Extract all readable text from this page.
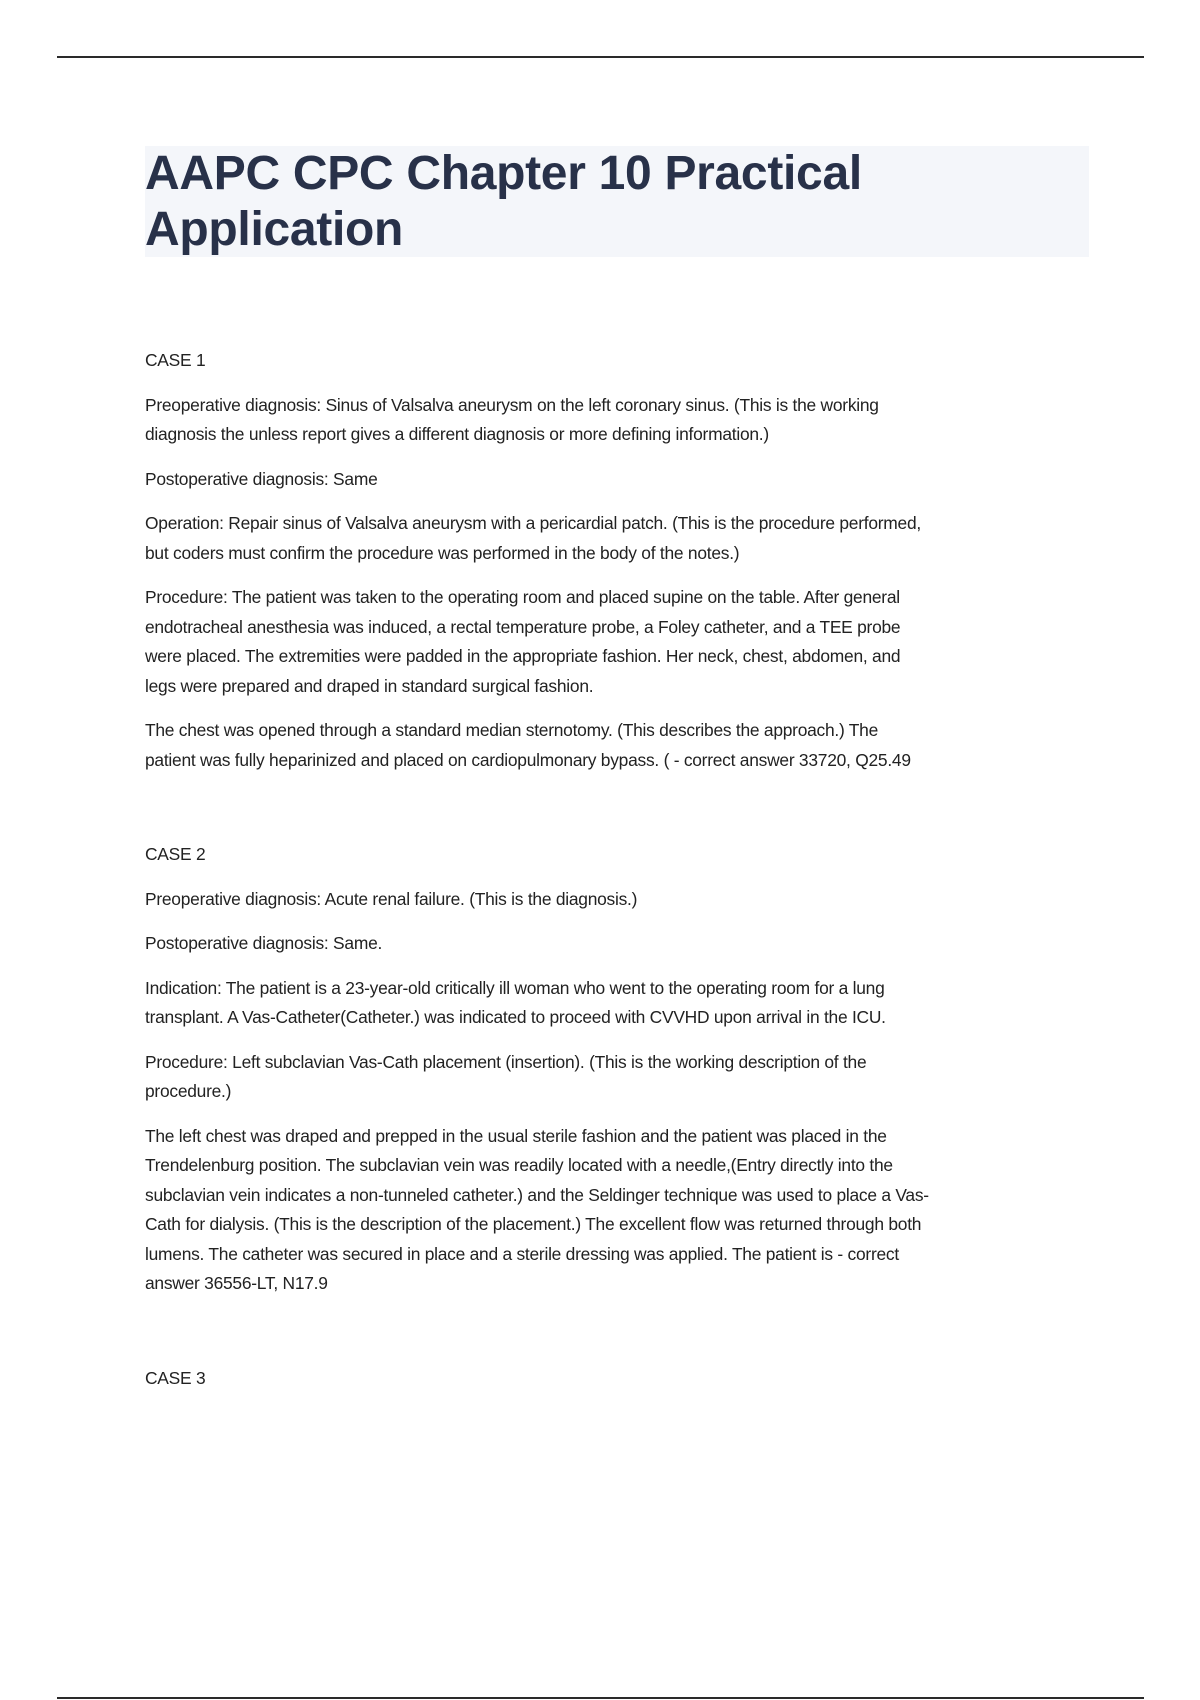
AAPC CPC Chapter 10 Practical
Application
CASE 1
Preoperative diagnosis: Sinus of Valsalva aneurysm on the left coronary sinus. (This is the working
diagnosis the unless report gives a different diagnosis or more defining information.)
Postoperative diagnosis: Same
Operation: Repair sinus of Valsalva aneurysm with a pericardial patch. (This is the procedure performed,
but coders must confirm the procedure was performed in the body of the notes.)
Procedure: The patient was taken to the operating room and placed supine on the table. After general
endotracheal anesthesia was induced, a rectal temperature probe, a Foley catheter, and a TEE probe
were placed. The extremities were padded in the appropriate fashion. Her neck, chest, abdomen, and
legs were prepared and draped in standard surgical fashion.
The chest was opened through a standard median sternotomy. (This describes the approach.) The
patient was fully heparinized and placed on cardiopulmonary bypass. ( - correct answer 33720, Q25.49
CASE 2
Preoperative diagnosis: Acute renal failure. (This is the diagnosis.)
Postoperative diagnosis: Same.
Indication: The patient is a 23-year-old critically ill woman who went to the operating room for a lung
transplant. A Vas-Catheter(Catheter.) was indicated to proceed with CVVHD upon arrival in the ICU.
Procedure: Left subclavian Vas-Cath placement (insertion). (This is the working description of the
procedure.)
The left chest was draped and prepped in the usual sterile fashion and the patient was placed in the
Trendelenburg position. The subclavian vein was readily located with a needle,(Entry directly into the
subclavian vein indicates a non-tunneled catheter.) and the Seldinger technique was used to place a Vas-
Cath for dialysis. (This is the description of the placement.) The excellent flow was returned through both
lumens. The catheter was secured in place and a sterile dressing was applied. The patient is - correct
answer 36556-LT, N17.9
CASE 3
